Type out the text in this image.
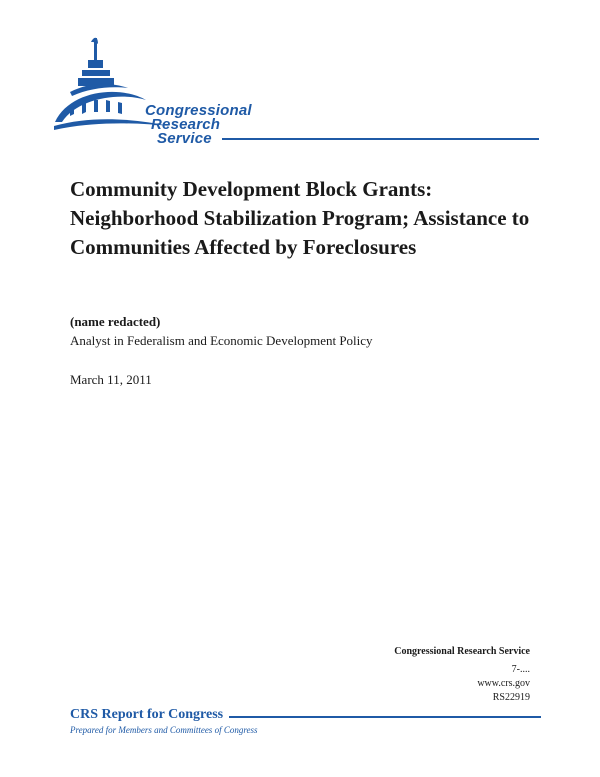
Congressional
Research
Service
Community Development Block Grants: Neighborhood Stabilization Program; Assistance to Communities Affected by Foreclosures
(name redacted)
Analyst in Federalism and Economic Development Policy
March 11, 2011
Congressional Research Service
7-....
www.crs.gov
RS22919
CRS Report for Congress
Prepared for Members and Committees of Congress
